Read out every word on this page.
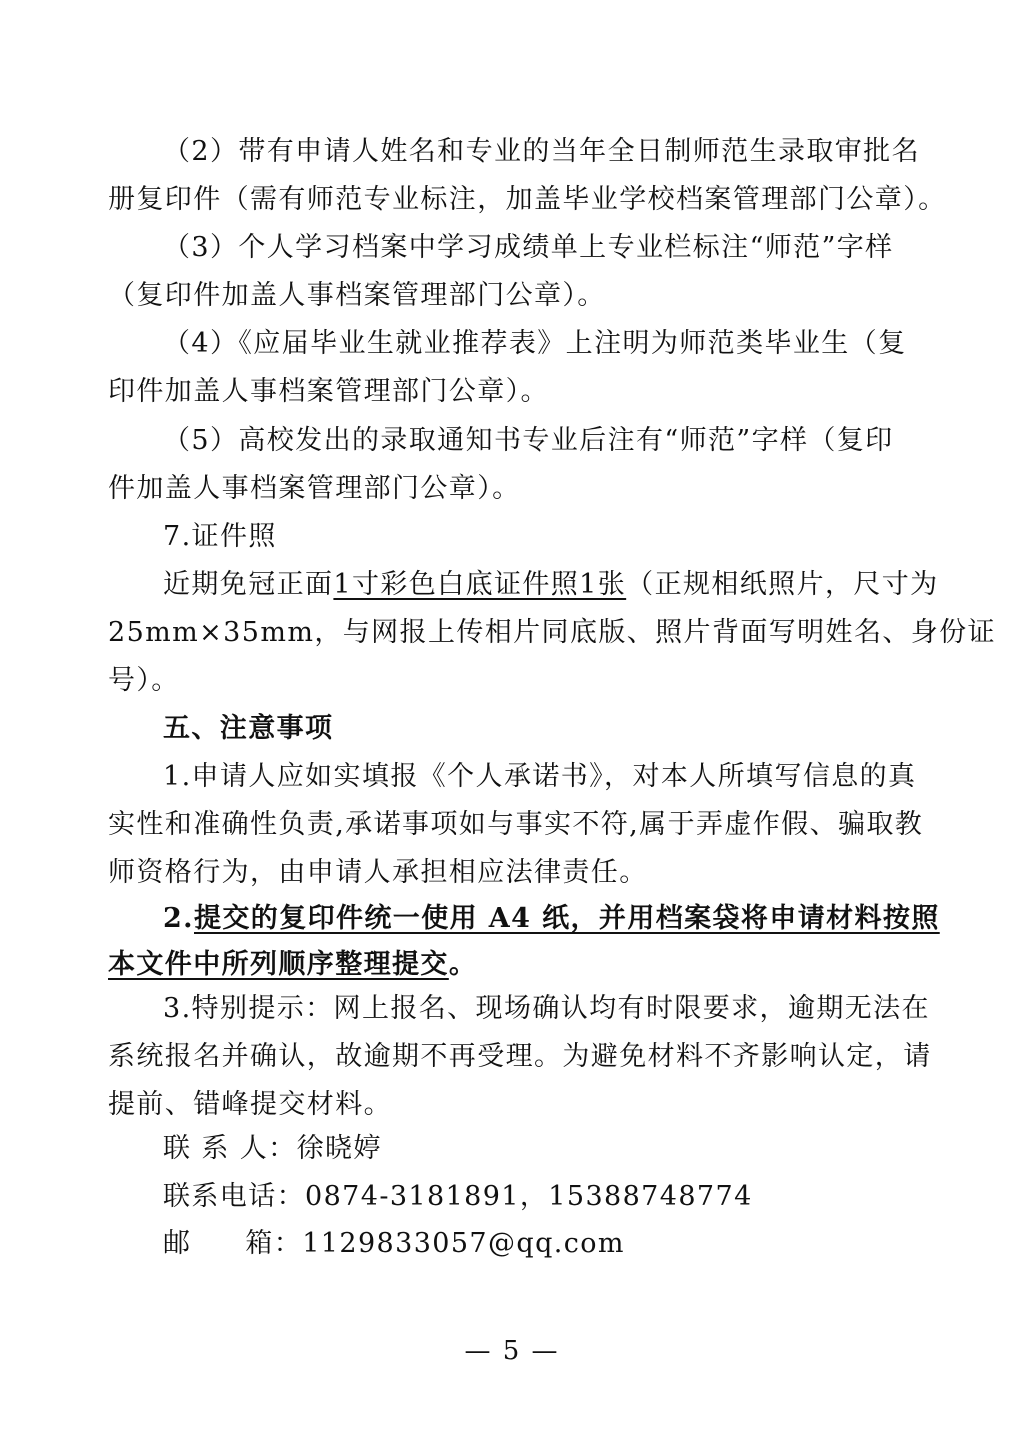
（2）带有申请人姓名和专业的当年全日制师范生录取审批名
册复印件（需有师范专业标注，加盖毕业学校档案管理部门公章）。
（3）个人学习档案中学习成绩单上专业栏标注“师范”字样
（复印件加盖人事档案管理部门公章）。
（4）《应届毕业生就业推荐表》上注明为师范类毕业生（复
印件加盖人事档案管理部门公章）。
（5）高校发出的录取通知书专业后注有“师范”字样（复印
件加盖人事档案管理部门公章）。
7.证件照
近期免冠正面1寸彩色白底证件照1张（正规相纸照片，尺寸为
25mm×35mm，与网报上传相片同底版、照片背面写明姓名、身份证
号）。
五、注意事项
1.申请人应如实填报《个人承诺书》，对本人所填写信息的真
实性和准确性负责,承诺事项如与事实不符,属于弄虚作假、骗取教
师资格行为，由申请人承担相应法律责任。
2.提交的复印件统一使用 A4 纸，并用档案袋将申请材料按照
本文件中所列顺序整理提交。
3.特别提示：网上报名、现场确认均有时限要求，逾期无法在
系统报名并确认，故逾期不再受理。为避免材料不齐影响认定，请
提前、错峰提交材料。
联 系 人：徐晓婷
联系电话：0874-3181891，15388748774
邮 箱：1129833057@qq.com
— 5 —
